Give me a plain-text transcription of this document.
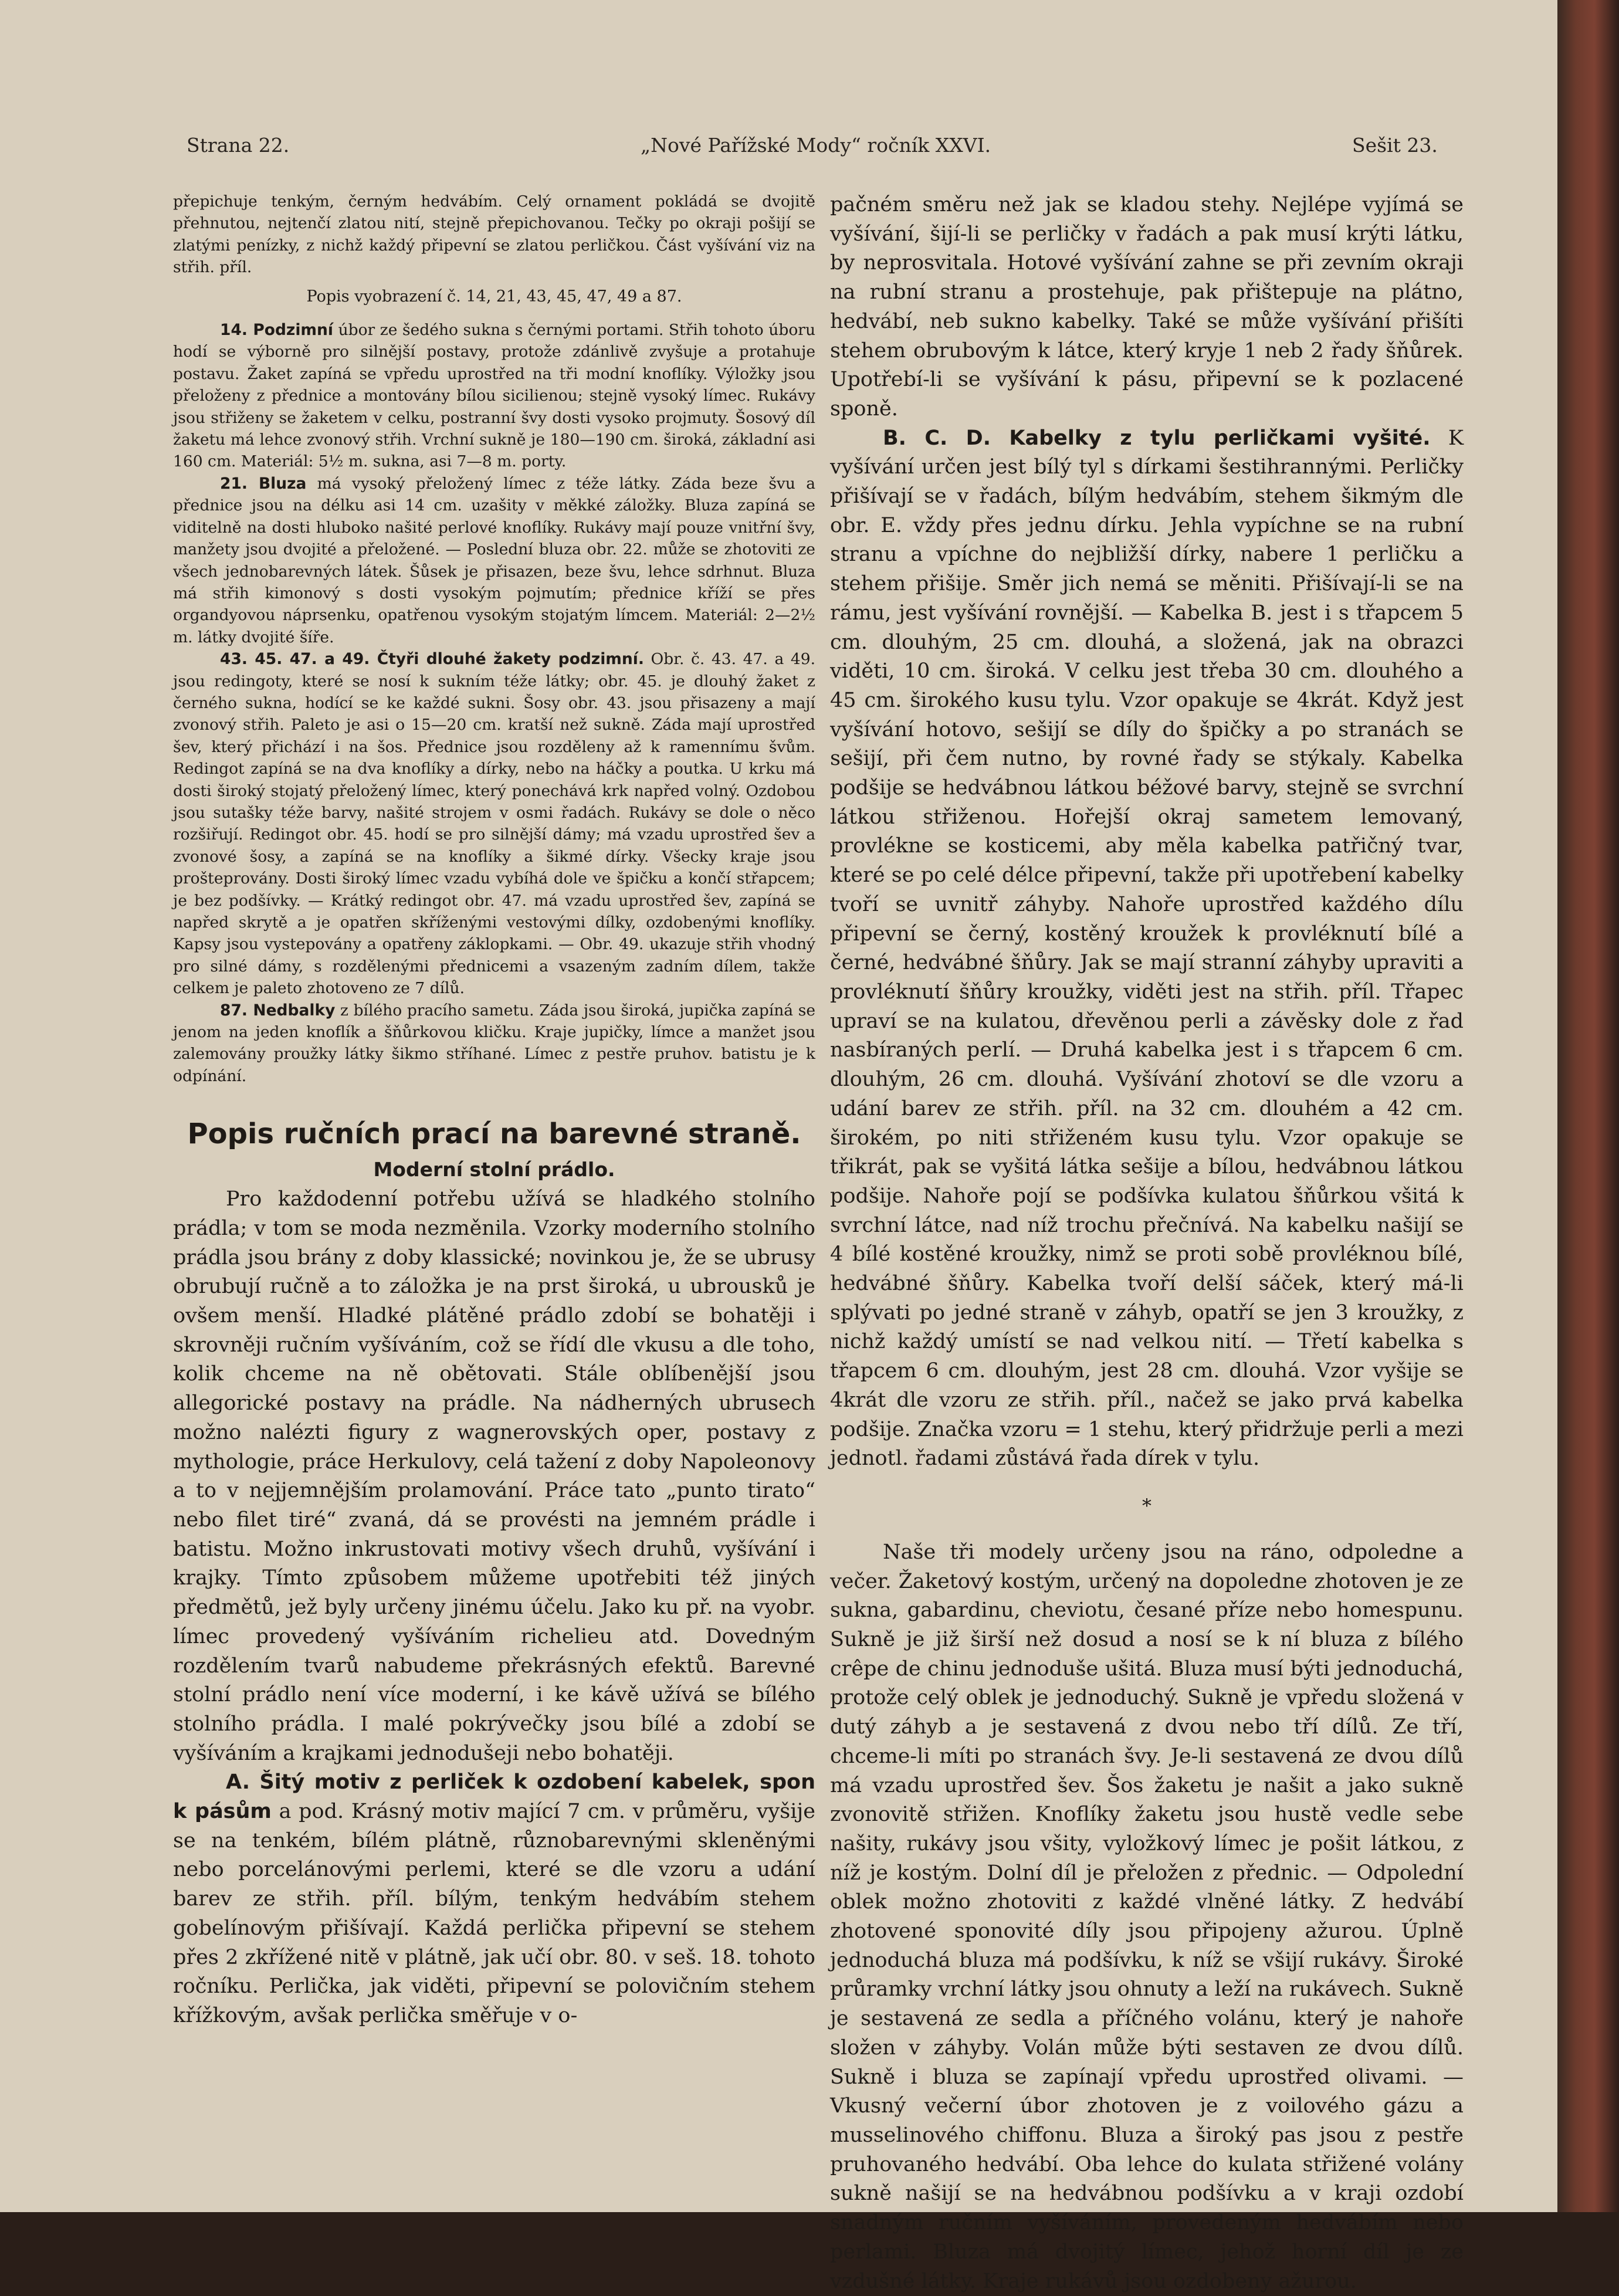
Strana 22.	„Nové Pařížské Mody“ ročník XXVI.	Sešit 23.

přepichuje tenkým, černým hedvábím. Celý ornament pokládá se dvojitě přehnutou, nejtenčí zlatou nití, stejně přepichovanou. Tečky po okraji pošijí se zlatými penízky, z nichž každý připevní se zlatou perličkou. Část vyšívání viz na střih. příl.

Popis vyobrazení č. 14, 21, 43, 45, 47, 49 a 87.

14. Podzimní úbor ze šedého sukna s černými portami. Střih tohoto úboru hodí se výborně pro silnější postavy, protože zdánlivě zvyšuje a protahuje postavu. Žaket zapíná se vpředu uprostřed na tři modní knoflíky. Výložky jsou přeloženy z přednice a montovány bílou sicilienou; stejně vysoký límec. Rukávy jsou střiženy se žaketem v celku, postranní švy dosti vysoko projmuty. Šosový díl žaketu má lehce zvonový střih. Vrchní sukně je 180—190 cm. široká, základní asi 160 cm. Materiál: 5½ m. sukna, asi 7—8 m. porty.

21. Bluza má vysoký přeložený límec z téže látky. Záda beze švu a přednice jsou na délku asi 14 cm. uzašity v měkké záložky. Bluza zapíná se viditelně na dosti hluboko našité perlové knoflíky. Rukávy mají pouze vnitřní švy, manžety jsou dvojité a přeložené. — Poslední bluza obr. 22. může se zhotoviti ze všech jednobarevných látek. Šůsek je přisazen, beze švu, lehce sdrhnut. Bluza má střih kimonový s dosti vysokým pojmutím; přednice kříží se přes organdyovou náprsenku, opatřenou vysokým stojatým límcem. Materiál: 2—2½ m. látky dvojité šíře.

43. 45. 47. a 49. Čtyři dlouhé žakety podzimní. Obr. č. 43. 47. a 49. jsou redingoty, které se nosí k sukním téže látky; obr. 45. je dlouhý žaket z černého sukna, hodící se ke každé sukni. Šosy obr. 43. jsou přisazeny a mají zvonový střih. Paleto je asi o 15—20 cm. kratší než sukně. Záda mají uprostřed šev, který přichází i na šos. Přednice jsou rozděleny až k ramennímu švům. Redingot zapíná se na dva knoflíky a dírky, nebo na háčky a poutka. U krku má dosti široký stojatý přeložený límec, který ponechává krk napřed volný. Ozdobou jsou sutašky téže barvy, našité strojem v osmi řadách. Rukávy se dole o něco rozšiřují. Redingot obr. 45. hodí se pro silnější dámy; má vzadu uprostřed šev a zvonové šosy, a zapíná se na knoflíky a šikmé dírky. Všecky kraje jsou prošteprovány. Dosti široký límec vzadu vybíhá dole ve špičku a končí střapcem; je bez podšívky. — Krátký redingot obr. 47. má vzadu uprostřed šev, zapíná se napřed skrytě a je opatřen skříženými vestovými dílky, ozdobenými knoflíky. Kapsy jsou vystepovány a opatřeny záklopkami. — Obr. 49. ukazuje střih vhodný pro silné dámy, s rozdělenými přednicemi a vsazeným zadním dílem, takže celkem je paleto zhotoveno ze 7 dílů.

87. Nedbalky z bílého pracího sametu. Záda jsou široká, jupička zapíná se jenom na jeden knoflík a šňůrkovou kličku. Kraje jupičky, límce a manžet jsou zalemovány proužky látky šikmo stříhané. Límec z pestře pruhov. batistu je k odpínání.

Popis ručních prací na barevné straně.
Moderní stolní prádlo.

Pro každodenní potřebu užívá se hladkého stolního prádla; v tom se moda nezměnila. Vzorky moderního stolního prádla jsou brány z doby klassické; novinkou je, že se ubrusy obrubují ručně a to záložka je na prst široká, u ubrousků je ovšem menší. Hladké plátěné prádlo zdobí se bohatěji i skrovněji ručním vyšíváním, což se řídí dle vkusu a dle toho, kolik chceme na ně obětovati. Stále oblíbenější jsou allegorické postavy na prádle. Na nádherných ubrusech možno nalézti figury z wagnerovských oper, postavy z mythologie, práce Herkulovy, celá tažení z doby Napoleonovy a to v nejjemnějším prolamování. Práce tato „punto tirato“ nebo filet tiré“ zvaná, dá se provésti na jemném prádle i batistu. Možno inkrustovati motivy všech druhů, vyšívání i krajky. Tímto způsobem můžeme upotřebiti též jiných předmětů, jež byly určeny jinému účelu. Jako ku př. na vyobr. límec provedený vyšíváním richelieu atd. Dovedným rozdělením tvarů nabudeme překrásných efektů. Barevné stolní prádlo není více moderní, i ke kávě užívá se bílého stolního prádla. I malé pokrývečky jsou bílé a zdobí se vyšíváním a krajkami jednodušeji nebo bohatěji.

A. Šitý motiv z perliček k ozdobení kabelek, spon k pásům a pod. Krásný motiv mající 7 cm. v průměru, vyšije se na tenkém, bílém plátně, různobarevnými skleněnými nebo porcelánovými perlemi, které se dle vzoru a udání barev ze střih. příl. bílým, tenkým hedvábím stehem gobelínovým přišívají. Každá perlička připevní se stehem přes 2 zkřížené nitě v plátně, jak učí obr. 80. v seš. 18. tohoto ročníku. Perlička, jak viděti, připevní se polovičním stehem křížkovým, avšak perlička směřuje v o-

pačném směru než jak se kladou stehy. Nejlépe vyjímá se vyšívání, šijí-li se perličky v řadách a pak musí krýti látku, by neprosvitala. Hotové vyšívání zahne se při zevním okraji na rubní stranu a prostehuje, pak přištepuje na plátno, hedvábí, neb sukno kabelky. Také se může vyšívání přišíti stehem obrubovým k látce, který kryje 1 neb 2 řady šňůrek. Upotřebí-li se vyšívání k pásu, připevní se k pozlacené sponě.

B. C. D. Kabelky z tylu perličkami vyšité. K vyšívání určen jest bílý tyl s dírkami šestihrannými. Perličky přišívají se v řadách, bílým hedvábím, stehem šikmým dle obr. E. vždy přes jednu dírku. Jehla vypíchne se na rubní stranu a vpíchne do nejbližší dírky, nabere 1 perličku a stehem přišije. Směr jich nemá se měniti. Přišívají-li se na rámu, jest vyšívání rovnější. — Kabelka B. jest i s třapcem 5 cm. dlouhým, 25 cm. dlouhá, a složená, jak na obrazci viděti, 10 cm. široká. V celku jest třeba 30 cm. dlouhého a 45 cm. širokého kusu tylu. Vzor opakuje se 4krát. Když jest vyšívání hotovo, sešijí se díly do špičky a po stranách se sešijí, při čem nutno, by rovné řady se stýkaly. Kabelka podšije se hedvábnou látkou béžové barvy, stejně se svrchní látkou střiženou. Hořejší okraj sametem lemovaný, provlékne se kosticemi, aby měla kabelka patřičný tvar, které se po celé délce připevní, takže při upotřebení kabelky tvoří se uvnitř záhyby. Nahoře uprostřed každého dílu připevní se černý, kostěný kroužek k provléknutí bílé a černé, hedvábné šňůry. Jak se mají stranní záhyby upraviti a provléknutí šňůry kroužky, viděti jest na střih. příl. Třapec upraví se na kulatou, dřevěnou perli a závěsky dole z řad nasbíraných perlí. — Druhá kabelka jest i s třapcem 6 cm. dlouhým, 26 cm. dlouhá. Vyšívání zhotoví se dle vzoru a udání barev ze střih. příl. na 32 cm. dlouhém a 42 cm. širokém, po niti střiženém kusu tylu. Vzor opakuje se třikrát, pak se vyšitá látka sešije a bílou, hedvábnou látkou podšije. Nahoře pojí se podšívka kulatou šňůrkou všitá k svrchní látce, nad níž trochu přečnívá. Na kabelku našijí se 4 bílé kostěné kroužky, nimž se proti sobě provléknou bílé, hedvábné šňůry. Kabelka tvoří delší sáček, který má-li splývati po jedné straně v záhyb, opatří se jen 3 kroužky, z nichž každý umístí se nad velkou nití. — Třetí kabelka s třapcem 6 cm. dlouhým, jest 28 cm. dlouhá. Vzor vyšije se 4krát dle vzoru ze střih. příl., načež se jako prvá kabelka podšije. Značka vzoru = 1 stehu, který přidržuje perli a mezi jednotl. řadami zůstává řada dírek v tylu.

*

Naše tři modely určeny jsou na ráno, odpoledne a večer. Žaketový kostým, určený na dopoledne zhotoven je ze sukna, gabardinu, cheviotu, česané příze nebo homespunu. Sukně je již širší než dosud a nosí se k ní bluza z bílého crêpe de chinu jednoduše ušitá. Bluza musí býti jednoduchá, protože celý oblek je jednoduchý. Sukně je vpředu složená v dutý záhyb a je sestavená z dvou nebo tří dílů. Ze tří, chceme-li míti po stranách švy. Je-li sestavená ze dvou dílů má vzadu uprostřed šev. Šos žaketu je našit a jako sukně zvonovitě střižen. Knoflíky žaketu jsou hustě vedle sebe našity, rukávy jsou všity, vyložkový límec je pošit látkou, z níž je kostým. Dolní díl je přeložen z přednic. — Odpolední oblek možno zhotoviti z každé vlněné látky. Z hedvábí zhotovené sponovité díly jsou připojeny ažurou. Úplně jednoduchá bluza má podšívku, k níž se všijí rukávy. Široké průramky vrchní látky jsou ohnuty a leží na rukávech. Sukně je sestavená ze sedla a příčného volánu, který je nahoře složen v záhyby. Volán může býti sestaven ze dvou dílů. Sukně i bluza se zapínají vpředu uprostřed olivami. — Vkusný večerní úbor zhotoven je z voilového gázu a musselinového chiffonu. Bluza a široký pas jsou z pestře pruhovaného hedvábí. Oba lehce do kulata střižené volány sukně našijí se na hedvábnou podšívku a v kraji ozdobí snadným ručním vyšíváním, provedeným hedvábím nebo perlami. Bluza má dvojitý límec, jehož horní díl je ze vzdušné látky. Kraje rukávů jsou ozdobeny ažurou.
